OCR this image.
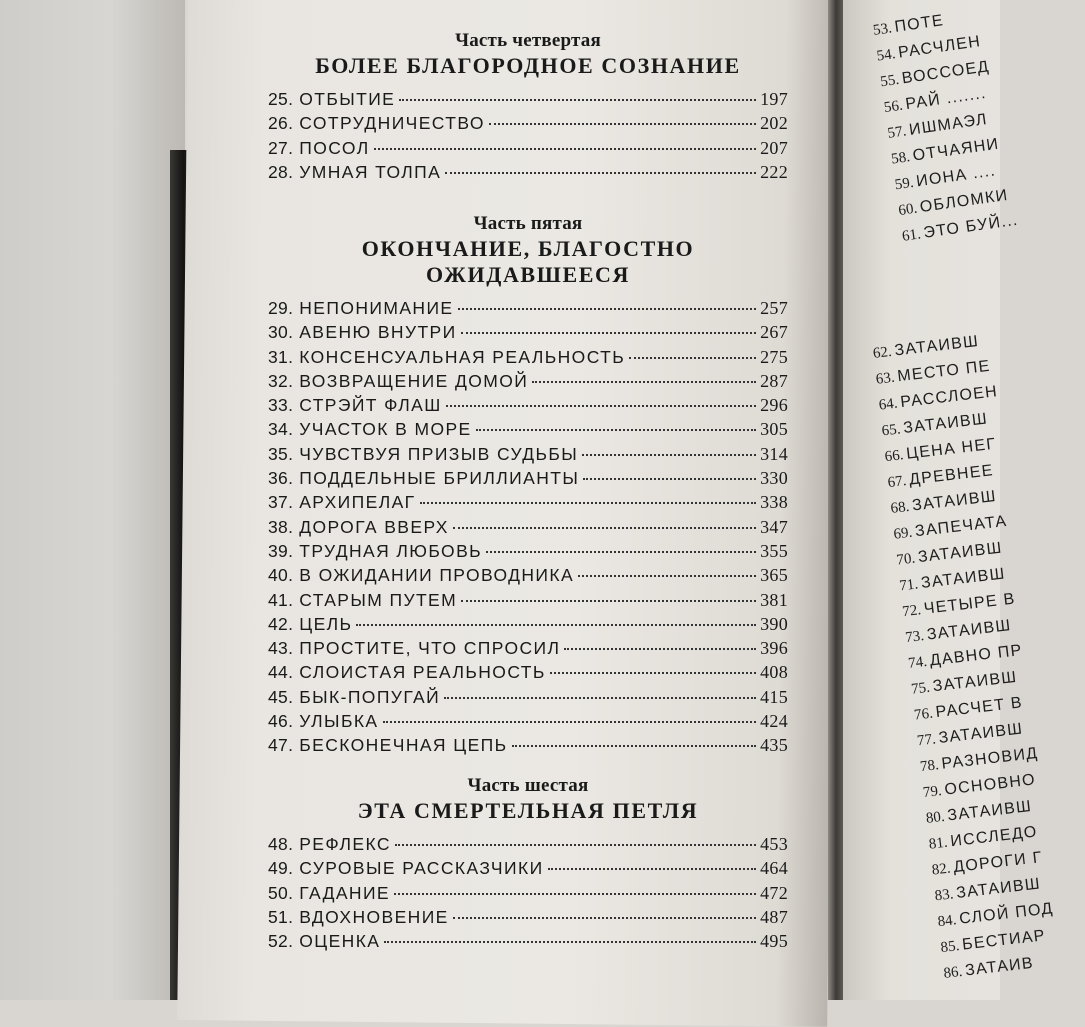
Часть четвертая
БОЛЕЕ БЛАГОРОДНОЕ СОЗНАНИЕ
25. ОТБЫТИЕ	197
26. СОТРУДНИЧЕСТВО	202
27. ПОСОЛ	207
28. УМНАЯ ТОЛПА	222
Часть пятая
ОКОНЧАНИЕ, БЛАГОСТНО ОЖИДАВШЕЕСЯ
29. НЕПОНИМАНИЕ	257
30. АВЕНЮ ВНУТРИ	267
31. КОНСЕНСУАЛЬНАЯ РЕАЛЬНОСТЬ	275
32. ВОЗВРАЩЕНИЕ ДОМОЙ	287
33. СТРЭЙТ ФЛАШ	296
34. УЧАСТОК В МОРЕ	305
35. ЧУВСТВУЯ ПРИЗЫВ СУДЬБЫ	314
36. ПОДДЕЛЬНЫЕ БРИЛЛИАНТЫ	330
37. АРХИПЕЛАГ	338
38. ДОРОГА ВВЕРХ	347
39. ТРУДНАЯ ЛЮБОВЬ	355
40. В ОЖИДАНИИ ПРОВОДНИКА	365
41. СТАРЫМ ПУТЕМ	381
42. ЦЕЛЬ	390
43. ПРОСТИТЕ, ЧТО СПРОСИЛ	396
44. СЛОИСТАЯ РЕАЛЬНОСТЬ	408
45. БЫК-ПОПУГАЙ	415
46. УЛЫБКА	424
47. БЕСКОНЕЧНАЯ ЦЕПЬ	435
Часть шестая
ЭТА СМЕРТЕЛЬНАЯ ПЕТЛЯ
48. РЕФЛЕКС	453
49. СУРОВЫЕ РАССКАЗЧИКИ	464
50. ГАДАНИЕ	472
51. ВДОХНОВЕНИЕ	487
52. ОЦЕНКА	495
53.ПОТЕ
54.РАСЧЛЕН
55.ВОССОЕД
56.РАЙ .......
57.ИШМАЭЛ
58.ОТЧАЯНИ
59.ИОНА ....
60.ОБЛОМКИ
61.ЭТО БУЙ...
62.ЗАТАИВШ
63.МЕСТО ПЕ
64.РАССЛОЕН
65.ЗАТАИВШ
66.ЦЕНА НЕГ
67.ДРЕВНЕЕ
68.ЗАТАИВШ
69.ЗАПЕЧАТА
70.ЗАТАИВШ
71.ЗАТАИВШ
72.ЧЕТЫРЕ В
73.ЗАТАИВШ
74.ДАВНО ПР
75.ЗАТАИВШ
76.РАСЧЕТ В
77.ЗАТАИВШ
78.РАЗНОВИД
79.ОСНОВНО
80.ЗАТАИВШ
81.ИССЛЕДО
82.ДОРОГИ Г
83.ЗАТАИВШ
84.СЛОЙ ПОД
85.БЕСТИАР
86.ЗАТАИВ
